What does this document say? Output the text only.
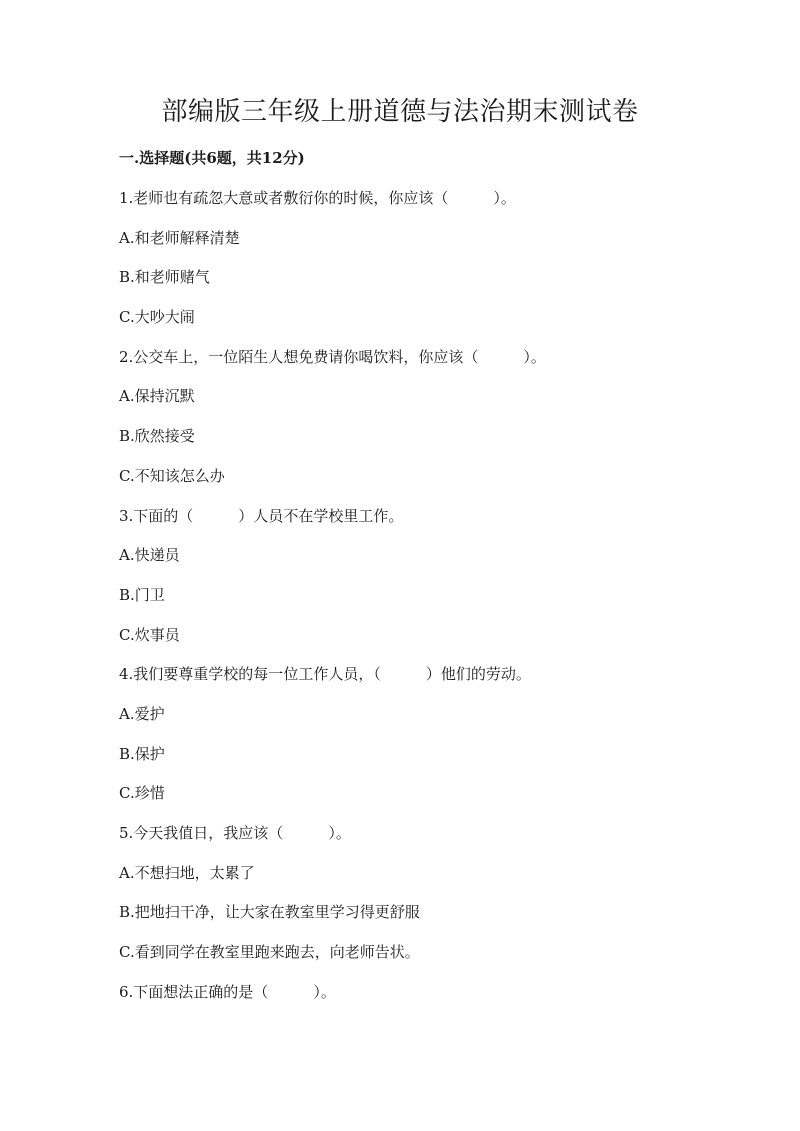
部编版三年级上册道德与法治期末测试卷
一.选择题(共6题，共12分)
1.老师也有疏忽大意或者敷衍你的时候，你应该（　　　）。
A.和老师解释清楚
B.和老师赌气
C.大吵大闹
2.公交车上，一位陌生人想免费请你喝饮料，你应该（　　　）。
A.保持沉默
B.欣然接受
C.不知该怎么办
3.下面的（　　　）人员不在学校里工作。
A.快递员
B.门卫
C.炊事员
4.我们要尊重学校的每一位工作人员，（　　　）他们的劳动。
A.爱护
B.保护
C.珍惜
5.今天我值日，我应该（　　　）。
A.不想扫地，太累了
B.把地扫干净，让大家在教室里学习得更舒服
C.看到同学在教室里跑来跑去，向老师告状。
6.下面想法正确的是（　　　）。
